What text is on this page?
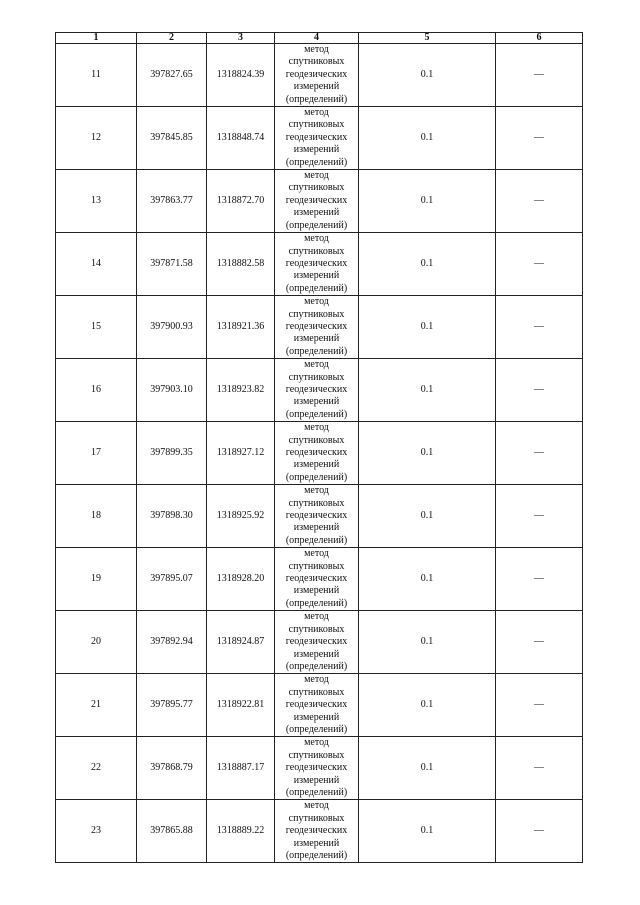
1	2	3	4	5	6
11	397827.65	1318824.39	метод
спутниковых
геодезических
измерений
(определений)	0.1	—
12	397845.85	1318848.74	метод
спутниковых
геодезических
измерений
(определений)	0.1	—
13	397863.77	1318872.70	метод
спутниковых
геодезических
измерений
(определений)	0.1	—
14	397871.58	1318882.58	метод
спутниковых
геодезических
измерений
(определений)	0.1	—
15	397900.93	1318921.36	метод
спутниковых
геодезических
измерений
(определений)	0.1	—
16	397903.10	1318923.82	метод
спутниковых
геодезических
измерений
(определений)	0.1	—
17	397899.35	1318927.12	метод
спутниковых
геодезических
измерений
(определений)	0.1	—
18	397898.30	1318925.92	метод
спутниковых
геодезических
измерений
(определений)	0.1	—
19	397895.07	1318928.20	метод
спутниковых
геодезических
измерений
(определений)	0.1	—
20	397892.94	1318924.87	метод
спутниковых
геодезических
измерений
(определений)	0.1	—
21	397895.77	1318922.81	метод
спутниковых
геодезических
измерений
(определений)	0.1	—
22	397868.79	1318887.17	метод
спутниковых
геодезических
измерений
(определений)	0.1	—
23	397865.88	1318889.22	метод
спутниковых
геодезических
измерений
(определений)	0.1	—
